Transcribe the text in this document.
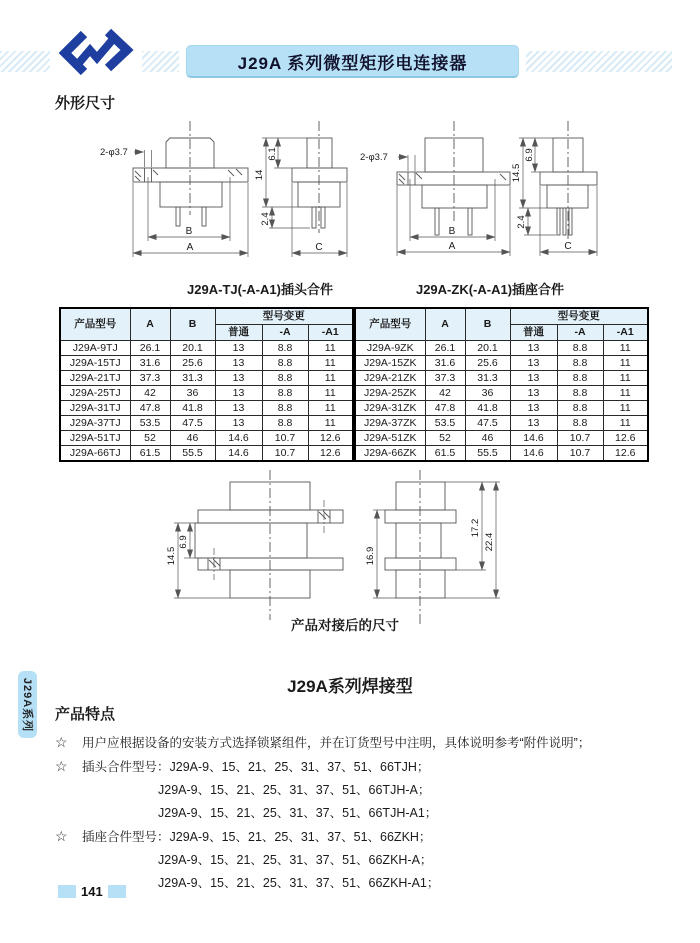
J29A 系列微型矩形电连接器
外形尺寸
2-φ3.7
B
A	C
14
6.1
2.4
J29A-TJ(-A-A1)插头合件
2-φ3.7
B
A	C
14.5
6.9
2.4
J29A-ZK(-A-A1)插座合件
产品型号	A	B	型号变更		
			普通	-A	-A1
J29A-9TJ	26.1	20.1	13	8.8	11
J29A-15TJ	31.6	25.6	13	8.8	11
J29A-21TJ	37.3	31.3	13	8.8	11
J29A-25TJ	42	36	13	8.8	11
J29A-31TJ	47.8	41.8	13	8.8	11
J29A-37TJ	53.5	47.5	13	8.8	11
J29A-51TJ	52	46	14.6	10.7	12.6
J29A-66TJ	61.5	55.5	14.6	10.7	12.6
产品型号	A	B	型号变更		
			普通	-A	-A1
J29A-9ZK	26.1	20.1	13	8.8	11
J29A-15ZK	31.6	25.6	13	8.8	11
J29A-21ZK	37.3	31.3	13	8.8	11
J29A-25ZK	42	36	13	8.8	11
J29A-31ZK	47.8	41.8	13	8.8	11
J29A-37ZK	53.5	47.5	13	8.8	11
J29A-51ZK	52	46	14.6	10.7	12.6
J29A-66ZK	61.5	55.5	14.6	10.7	12.6
14.5
6.9
16.9
17.2
22.4
产品对接后的尺寸
J29A系列焊接型
产品特点
☆ 用户应根据设备的安装方式选择锁紧组件，并在订货型号中注明，具体说明参考“附件说明”；
☆ 插头合件型号：J29A-9、15、21、25、31、37、51、66TJH；
J29A-9、15、21、25、31、37、51、66TJH-A；
J29A-9、15、21、25、31、37、51、66TJH-A1；
☆ 插座合件型号：J29A-9、15、21、25、31、37、51、66ZKH；
J29A-9、15、21、25、31、37、51、66ZKH-A；
J29A-9、15、21、25、31、37、51、66ZKH-A1；
J29A系列
141
